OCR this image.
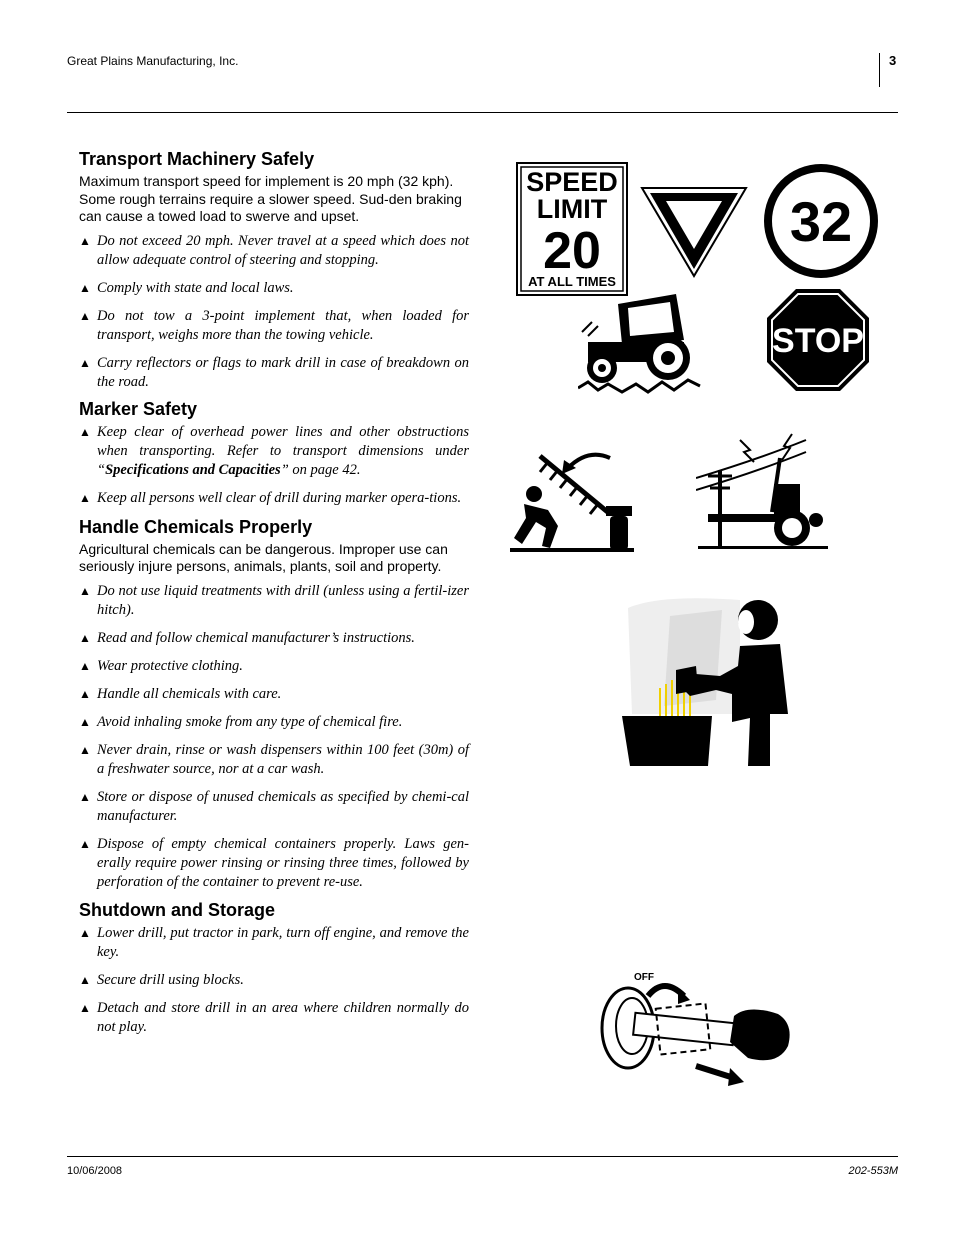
Great Plains Manufacturing, Inc.	3
Transport Machinery Safely

Maximum transport speed for implement is 20 mph (32 kph). Some rough terrains require a slower speed. Sud-den braking can cause a towed load to swerve and upset.

▲ Do not exceed 20 mph. Never travel at a speed which does not allow adequate control of steering and stopping.
▲ Comply with state and local laws.
▲ Do not tow a 3-point implement that, when loaded for transport, weighs more than the towing vehicle.
▲ Carry reflectors or flags to mark drill in case of breakdown on the road.
Marker Safety
▲ Keep clear of overhead power lines and other obstructions when transporting. Refer to transport dimensions under “Specifications and Capacities” on page 42.
▲ Keep all persons well clear of drill during marker opera-tions.
Handle Chemicals Properly

Agricultural chemicals can be dangerous. Improper use can seriously injure persons, animals, plants, soil and property.

▲ Do not use liquid treatments with drill (unless using a fertil-izer hitch).
▲ Read and follow chemical manufacturer’s instructions.
▲ Wear protective clothing.
▲ Handle all chemicals with care.
▲ Avoid inhaling smoke from any type of chemical fire.
▲ Never drain, rinse or wash dispensers within 100 feet (30m) of a freshwater source, nor at a car wash.
▲ Store or dispose of unused chemicals as specified by chemi-cal manufacturer.
▲ Dispose of empty chemical containers properly. Laws gen-erally require power rinsing or rinsing three times, followed by perforation of the container to prevent re-use.
Shutdown and Storage
▲ Lower drill, put tractor in park, turn off engine, and remove the key.
▲ Secure drill using blocks.
▲ Detach and store drill in an area where children normally do not play.
SPEED
LIMIT
20
AT ALL TIMES
32
STOP
OFF
10/06/2008	202-553M
